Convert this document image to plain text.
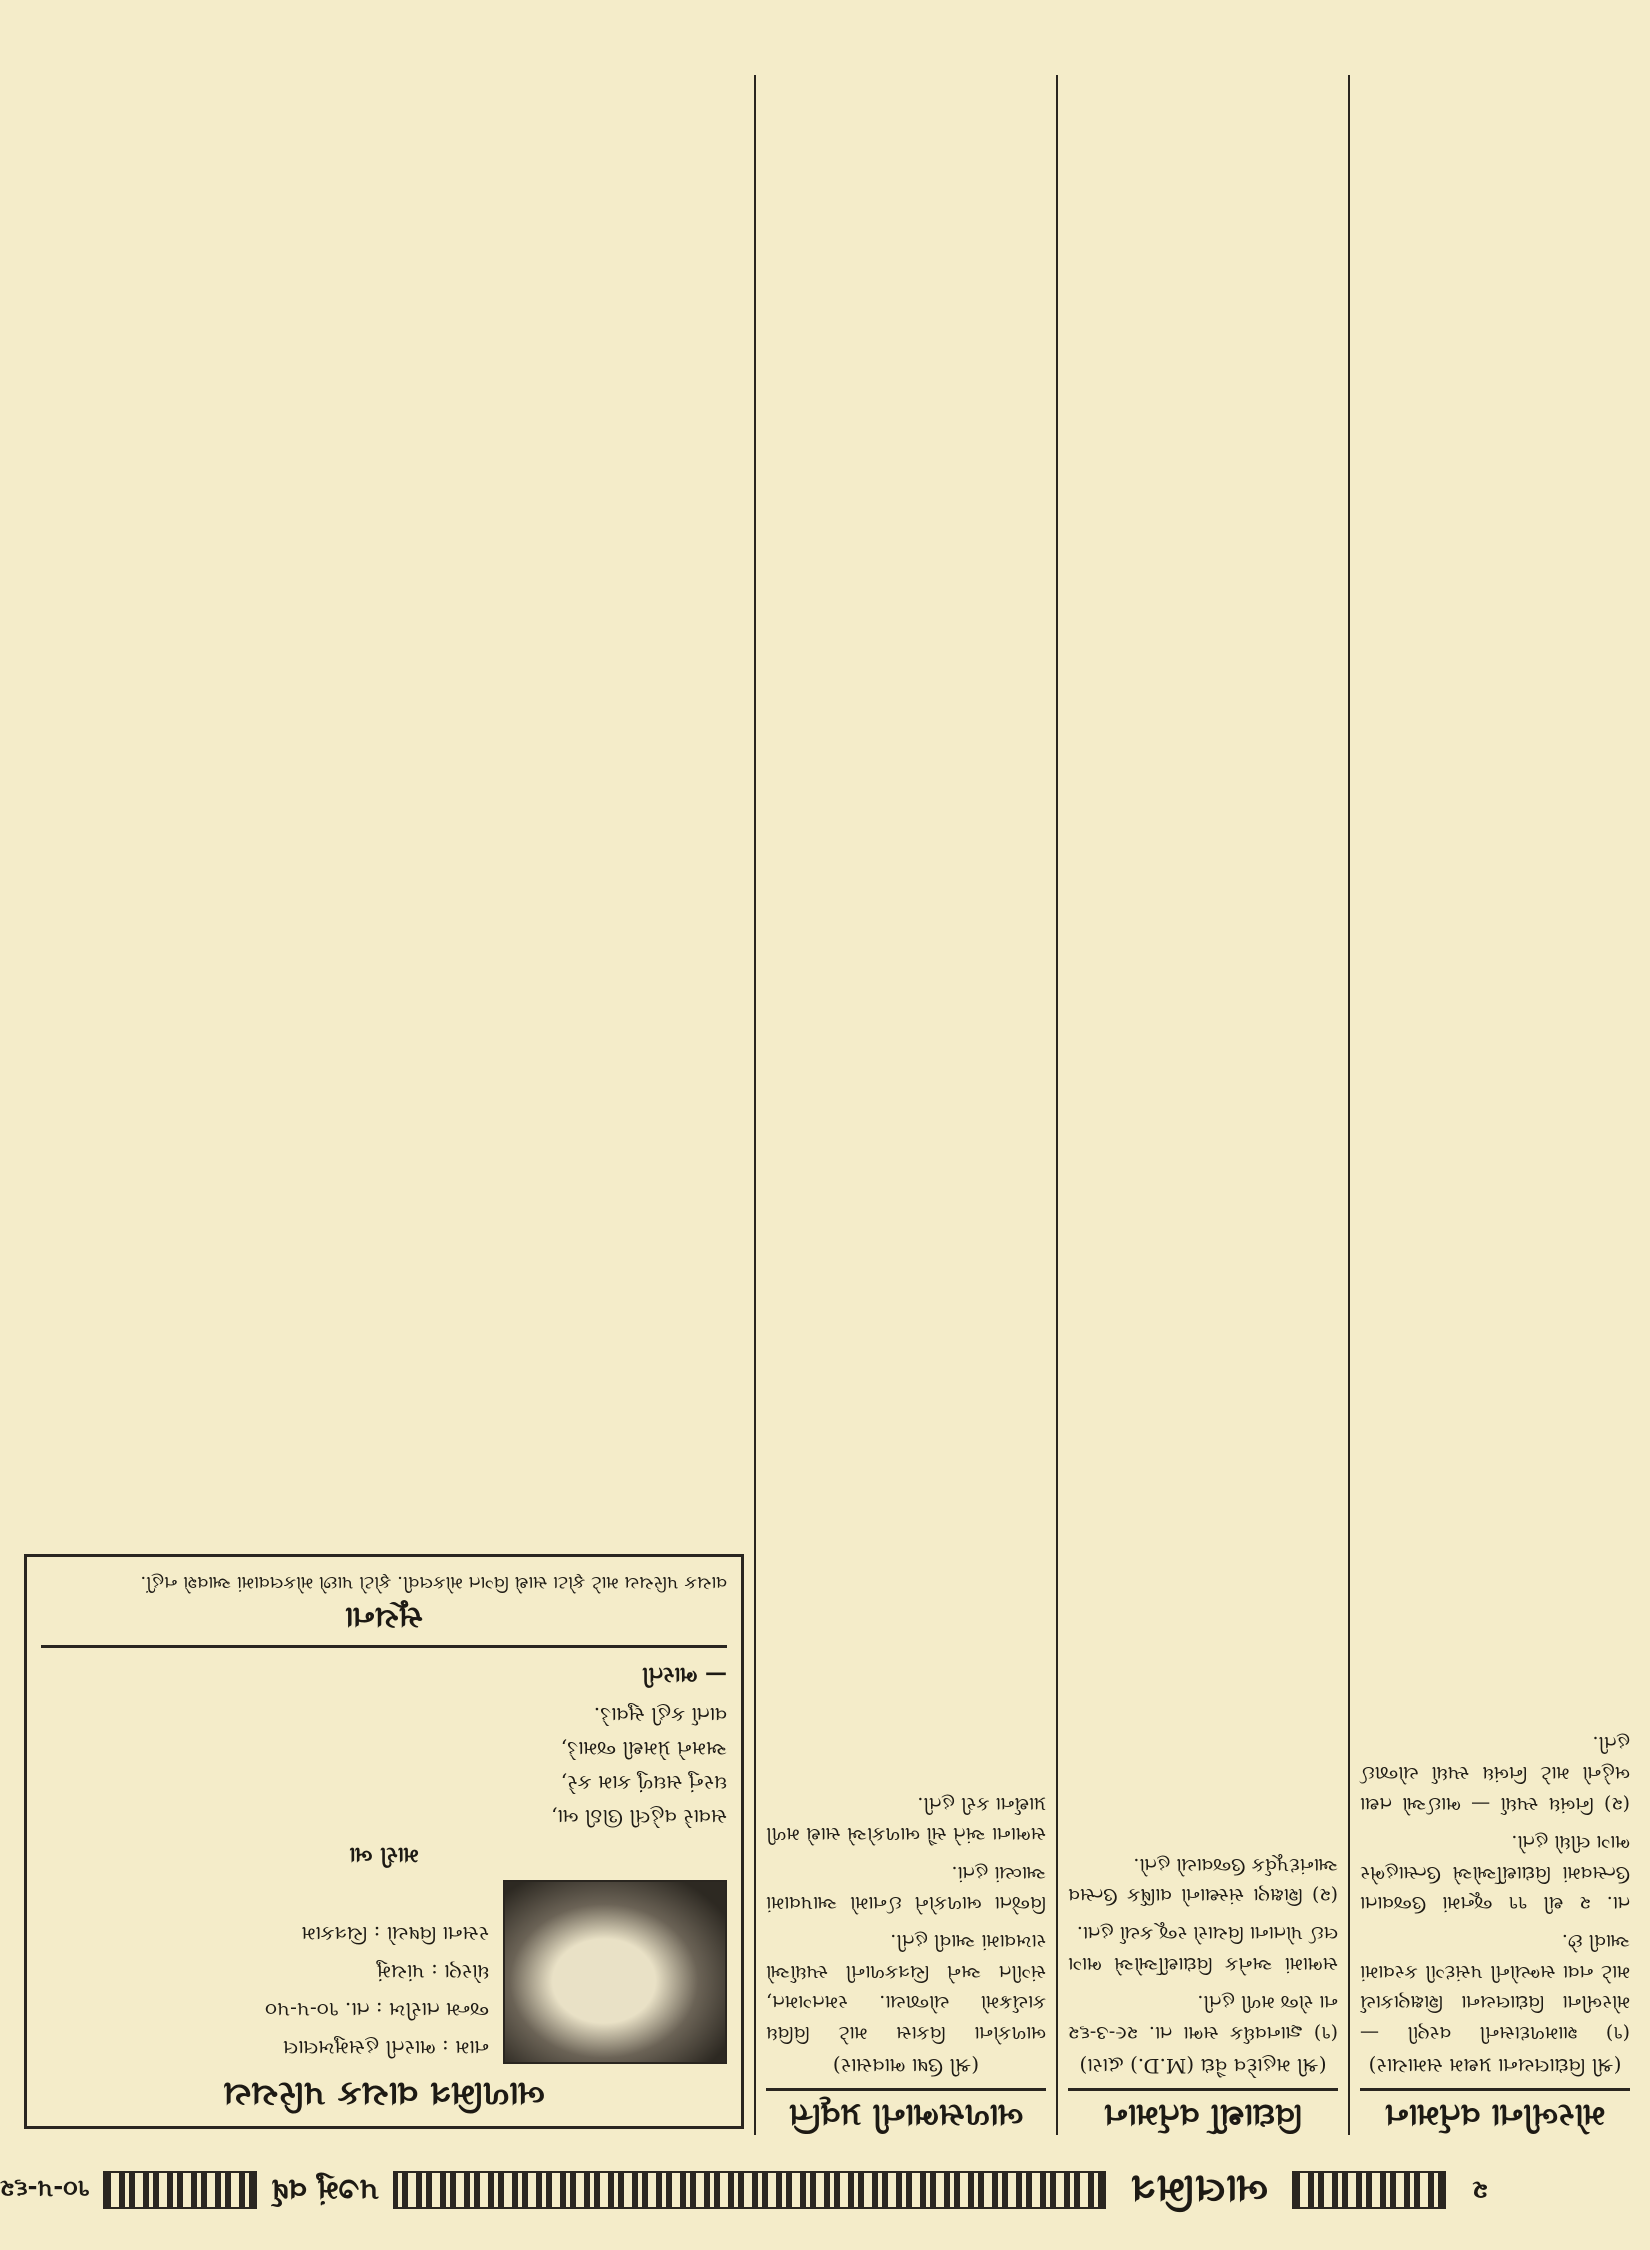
૨
બાલમિત્ર
૫૭મું વર્ષ
૧૦-૫-૬૨
મોરબીના વર્તમાન
(શ્રી વિદ્યાલયના પ્રથમ સમાચાર)

(૧) શામળદાસની વરણી — મોરબીના વિદ્યાલયના શિક્ષણકાર્ય માટે નવા સભ્યોની પસંદગી કરવામાં આવી છે.

તા. ૨ થી ૧૧ જૂનમાં ઉજવાતા ઉત્સવમાં વિદ્યાર્થીઓએ ઉત્સાહભેર ભાગ લીધો હતો.

(૨) નિબંધ સ્પર્ધા — ભાઈઓ તથા બહેનો માટે નિબંધ સ્પર્ધા યોજાઈ હતી.

વિદ્યાર્થી વર્તમાન
(શ્રી મહાદેવ વૈદ્ય (M.D.) દ્વારા)

(૧) જ્ઞાનવર્ધક સભા તા. ૨૯-૩-૬૨ ના રોજ મળી હતી.

સભામાં અનેક વિદ્યાર્થીઓએ ભાગ લઈ પોતાના વિચારો રજૂ કર્યા હતા.

(૨) શિક્ષણ સંસ્થાનો વાર્ષિક ઉત્સવ આનંદપૂર્વક ઉજવાયો હતો.

બાળસભાની પ્રવૃત્તિ
(શ્રી ઉષા ભાવસાર)

બાળકોના વિકાસ માટે વિવિધ કાર્યક્રમો યોજાયા. રમતગમત, સંગીત અને ચિત્રકળાની સ્પર્ધાઓ રાખવામાં આવી હતી.

વિજેતા બાળકોને ઈનામો આપવામાં આવ્યાં હતાં.

સભાના અંતે સૌ બાળકોએ સાથે મળી પ્રાર્થના કરી હતી.

બાળમિત્ર વાચક પરિચય

નામ : ભારતી હસમુખલાલ

જન્મ તારીખ : તા. ૧૦-૫-૫૦

ધોરણ : પાંચમું

રસના વિષયો : ચિત્રકામ

મારી બા

સવારે વહેલી ઊઠી બા,

ઘરનું સઘળું કામ કરે,

અમને પ્રેમથી જમાડે,

વાર્તા કહી સુવાડે.

— ભારતી
સૂચના

વાચક પરિચય માટે ફોટા સાથે વિગત મોકલવી. ફોટો પાછો મોકલવામાં આવશે નહીં.
